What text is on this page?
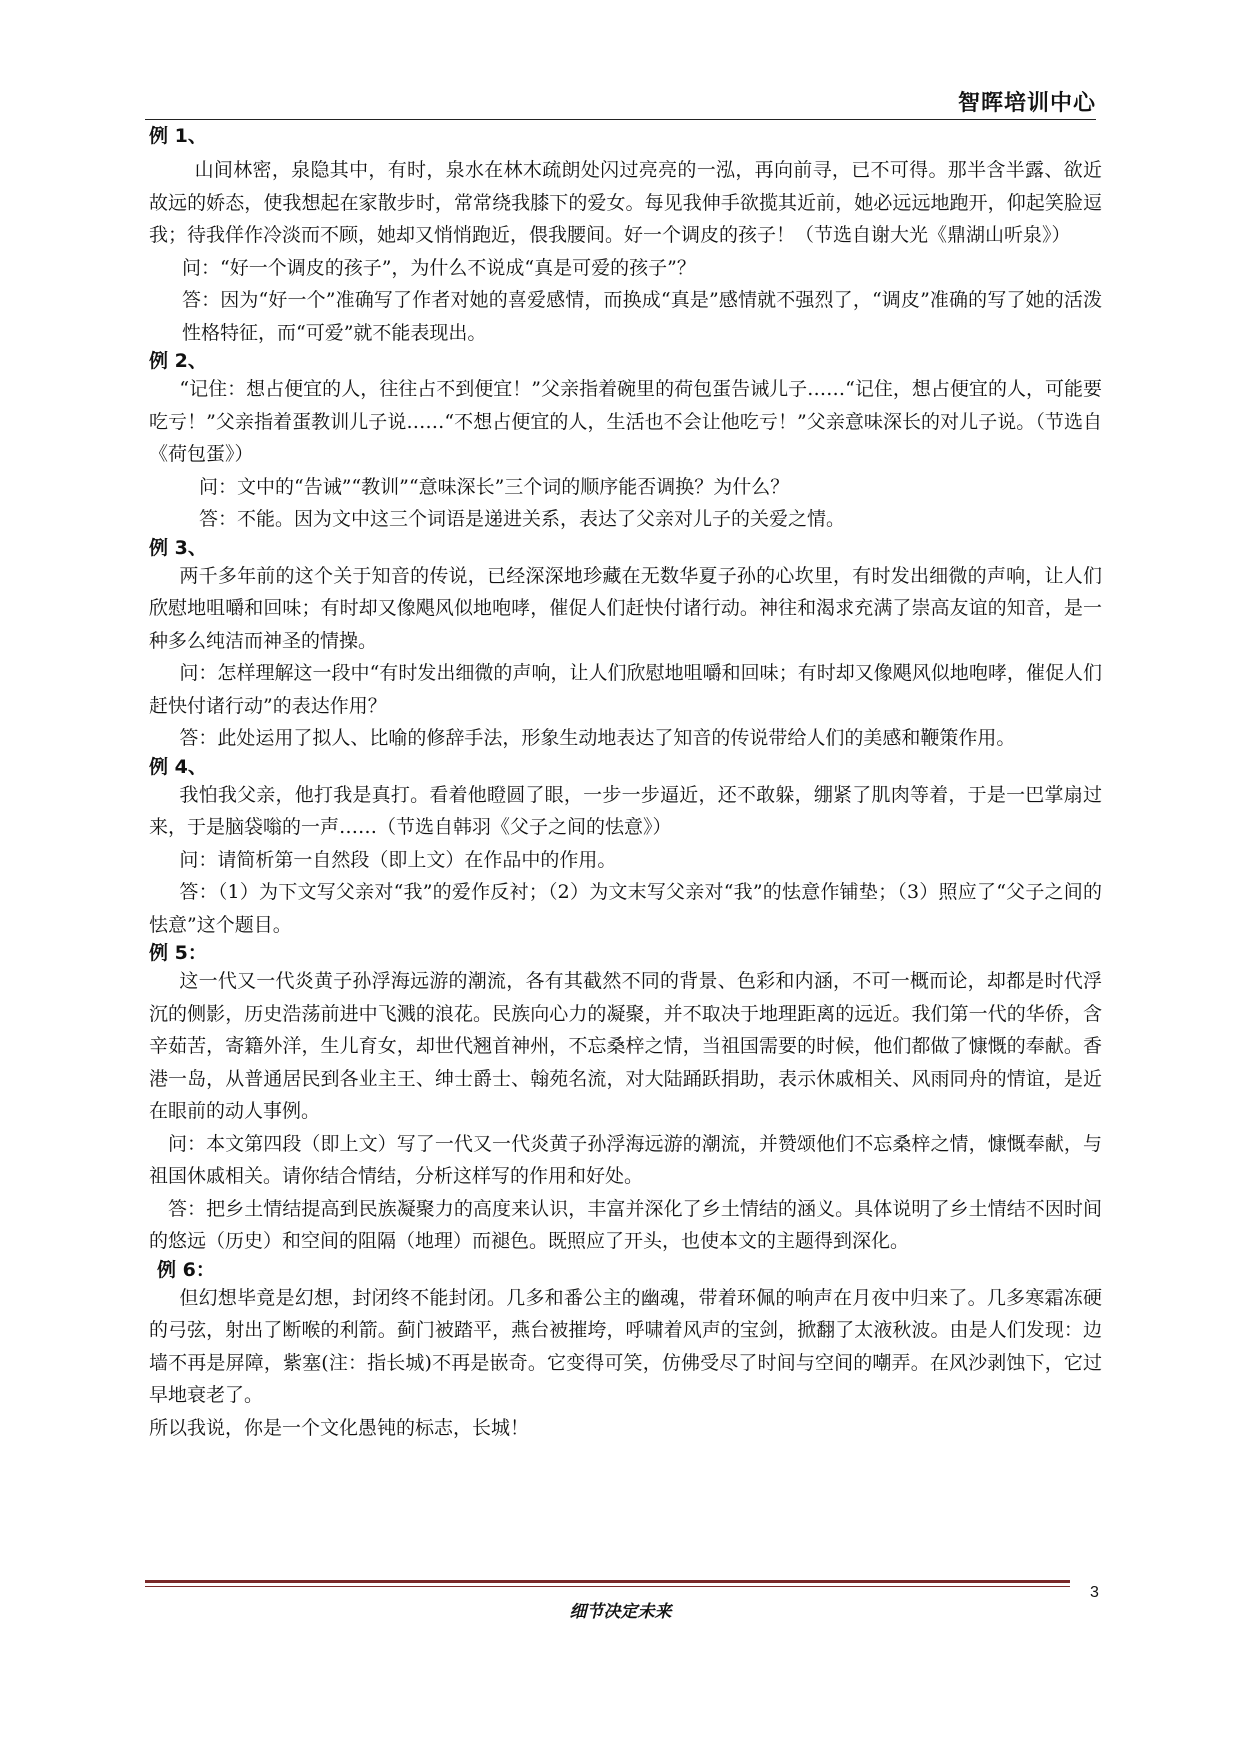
智晖培训中心
例 1、

山间林密，泉隐其中，有时，泉水在林木疏朗处闪过亮亮的一泓，再向前寻，已不可得。那半含半露、欲近故远的娇态，使我想起在家散步时，常常绕我膝下的爱女。每见我伸手欲揽其近前，她必远远地跑开，仰起笑脸逗我；待我佯作冷淡而不顾，她却又悄悄跑近，偎我腰间。好一个调皮的孩子！（节选自谢大光《鼎湖山听泉》）

问：“好一个调皮的孩子”，为什么不说成“真是可爱的孩子”？

答：因为“好一个”准确写了作者对她的喜爱感情，而换成“真是”感情就不强烈了，“调皮”准确的写了她的活泼性格特征，而“可爱”就不能表现出。

例 2、

“记住：想占便宜的人，往往占不到便宜！”父亲指着碗里的荷包蛋告诫儿子……“记住，想占便宜的人，可能要吃亏！”父亲指着蛋教训儿子说……“不想占便宜的人，生活也不会让他吃亏！”父亲意味深长的对儿子说。（节选自《荷包蛋》）

问：文中的“告诫”“教训”“意味深长”三个词的顺序能否调换？为什么？

答：不能。因为文中这三个词语是递进关系，表达了父亲对儿子的关爱之情。

例 3、

两千多年前的这个关于知音的传说，已经深深地珍藏在无数华夏子孙的心坎里，有时发出细微的声响，让人们欣慰地咀嚼和回味；有时却又像飓风似地咆哮，催促人们赶快付诸行动。神往和渴求充满了崇高友谊的知音，是一种多么纯洁而神圣的情操。

问：怎样理解这一段中“有时发出细微的声响，让人们欣慰地咀嚼和回味；有时却又像飓风似地咆哮，催促人们赶快付诸行动”的表达作用？

答：此处运用了拟人、比喻的修辞手法，形象生动地表达了知音的传说带给人们的美感和鞭策作用。

例 4、

我怕我父亲，他打我是真打。看着他瞪圆了眼，一步一步逼近，还不敢躲，绷紧了肌肉等着，于是一巴掌扇过来，于是脑袋嗡的一声……（节选自韩羽《父子之间的怯意》）

问：请简析第一自然段（即上文）在作品中的作用。

答：（1）为下文写父亲对“我”的爱作反衬；（2）为文末写父亲对“我”的怯意作铺垫；（3）照应了“父子之间的怯意”这个题目。

例 5：

这一代又一代炎黄子孙浮海远游的潮流，各有其截然不同的背景、色彩和内涵，不可一概而论，却都是时代浮沉的侧影，历史浩荡前进中飞溅的浪花。民族向心力的凝聚，并不取决于地理距离的远近。我们第一代的华侨，含辛茹苦，寄籍外洋，生儿育女，却世代翘首神州，不忘桑梓之情，当祖国需要的时候，他们都做了慷慨的奉献。香港一岛，从普通居民到各业主王、绅士爵士、翰苑名流，对大陆踊跃捐助，表示休戚相关、风雨同舟的情谊，是近在眼前的动人事例。

问：本文第四段（即上文）写了一代又一代炎黄子孙浮海远游的潮流，并赞颂他们不忘桑梓之情，慷慨奉献，与祖国休戚相关。请你结合情结，分析这样写的作用和好处。

答：把乡土情结提高到民族凝聚力的高度来认识，丰富并深化了乡土情结的涵义。具体说明了乡土情结不因时间的悠远（历史）和空间的阻隔（地理）而褪色。既照应了开头，也使本文的主题得到深化。

例 6：

但幻想毕竟是幻想，封闭终不能封闭。几多和番公主的幽魂，带着环佩的响声在月夜中归来了。几多寒霜冻硬的弓弦，射出了断喉的利箭。蓟门被踏平，燕台被摧垮，呼啸着风声的宝剑，掀翻了太液秋波。由是人们发现：边墙不再是屏障，紫塞(注：指长城)不再是嵌奇。它变得可笑，仿佛受尽了时间与空间的嘲弄。在风沙剥蚀下，它过早地衰老了。

所以我说，你是一个文化愚钝的标志，长城！

3
细节决定未来
